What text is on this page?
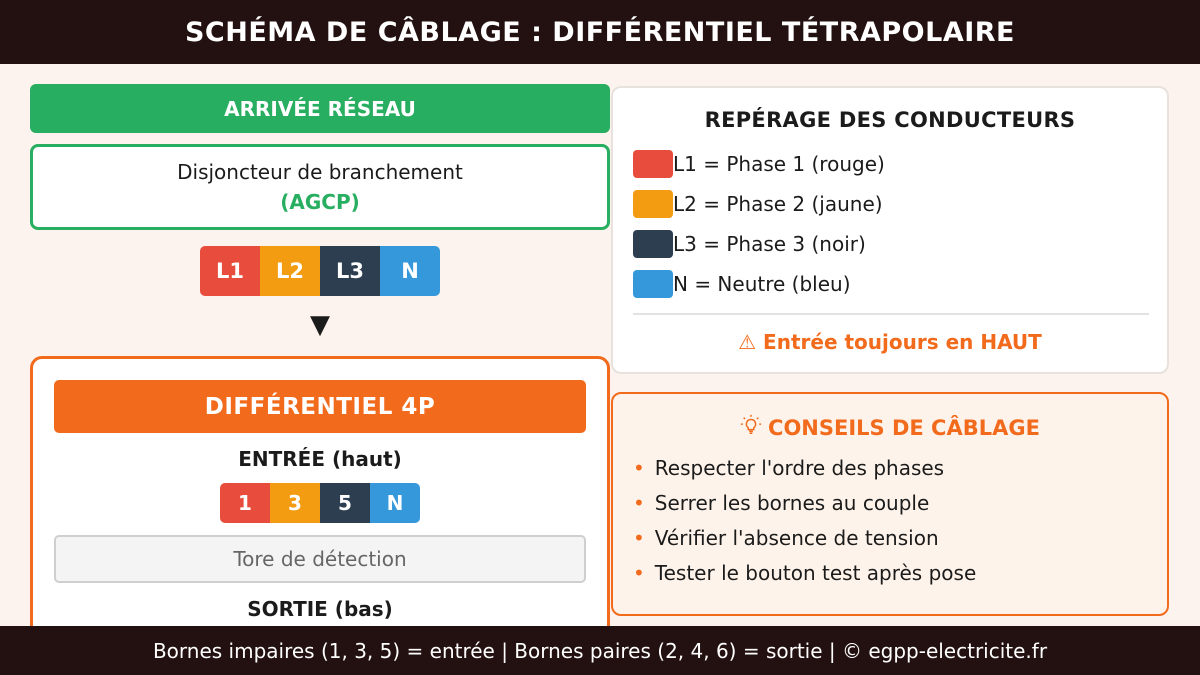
SCHÉMA DE CÂBLAGE : DIFFÉRENTIEL TÉTRAPOLAIRE
ARRIVÉE RÉSEAU
Disjoncteur de branchement
(AGCP)
L1	L2	L3	N
▼
DIFFÉRENTIEL 4P
ENTRÉE (haut)
1	3	5	N
Tore de détection
SORTIE (bas)
REPÉRAGE DES CONDUCTEURS
L1 = Phase 1 (rouge)
L2 = Phase 2 (jaune)
L3 = Phase 3 (noir)
N = Neutre (bleu)
⚠ Entrée toujours en HAUT
CONSEILS DE CÂBLAGE
• Respecter l'ordre des phases
• Serrer les bornes au couple
• Vérifier l'absence de tension
• Tester le bouton test après pose
Bornes impaires (1, 3, 5) = entrée | Bornes paires (2, 4, 6) = sortie | © egpp-electricite.fr
